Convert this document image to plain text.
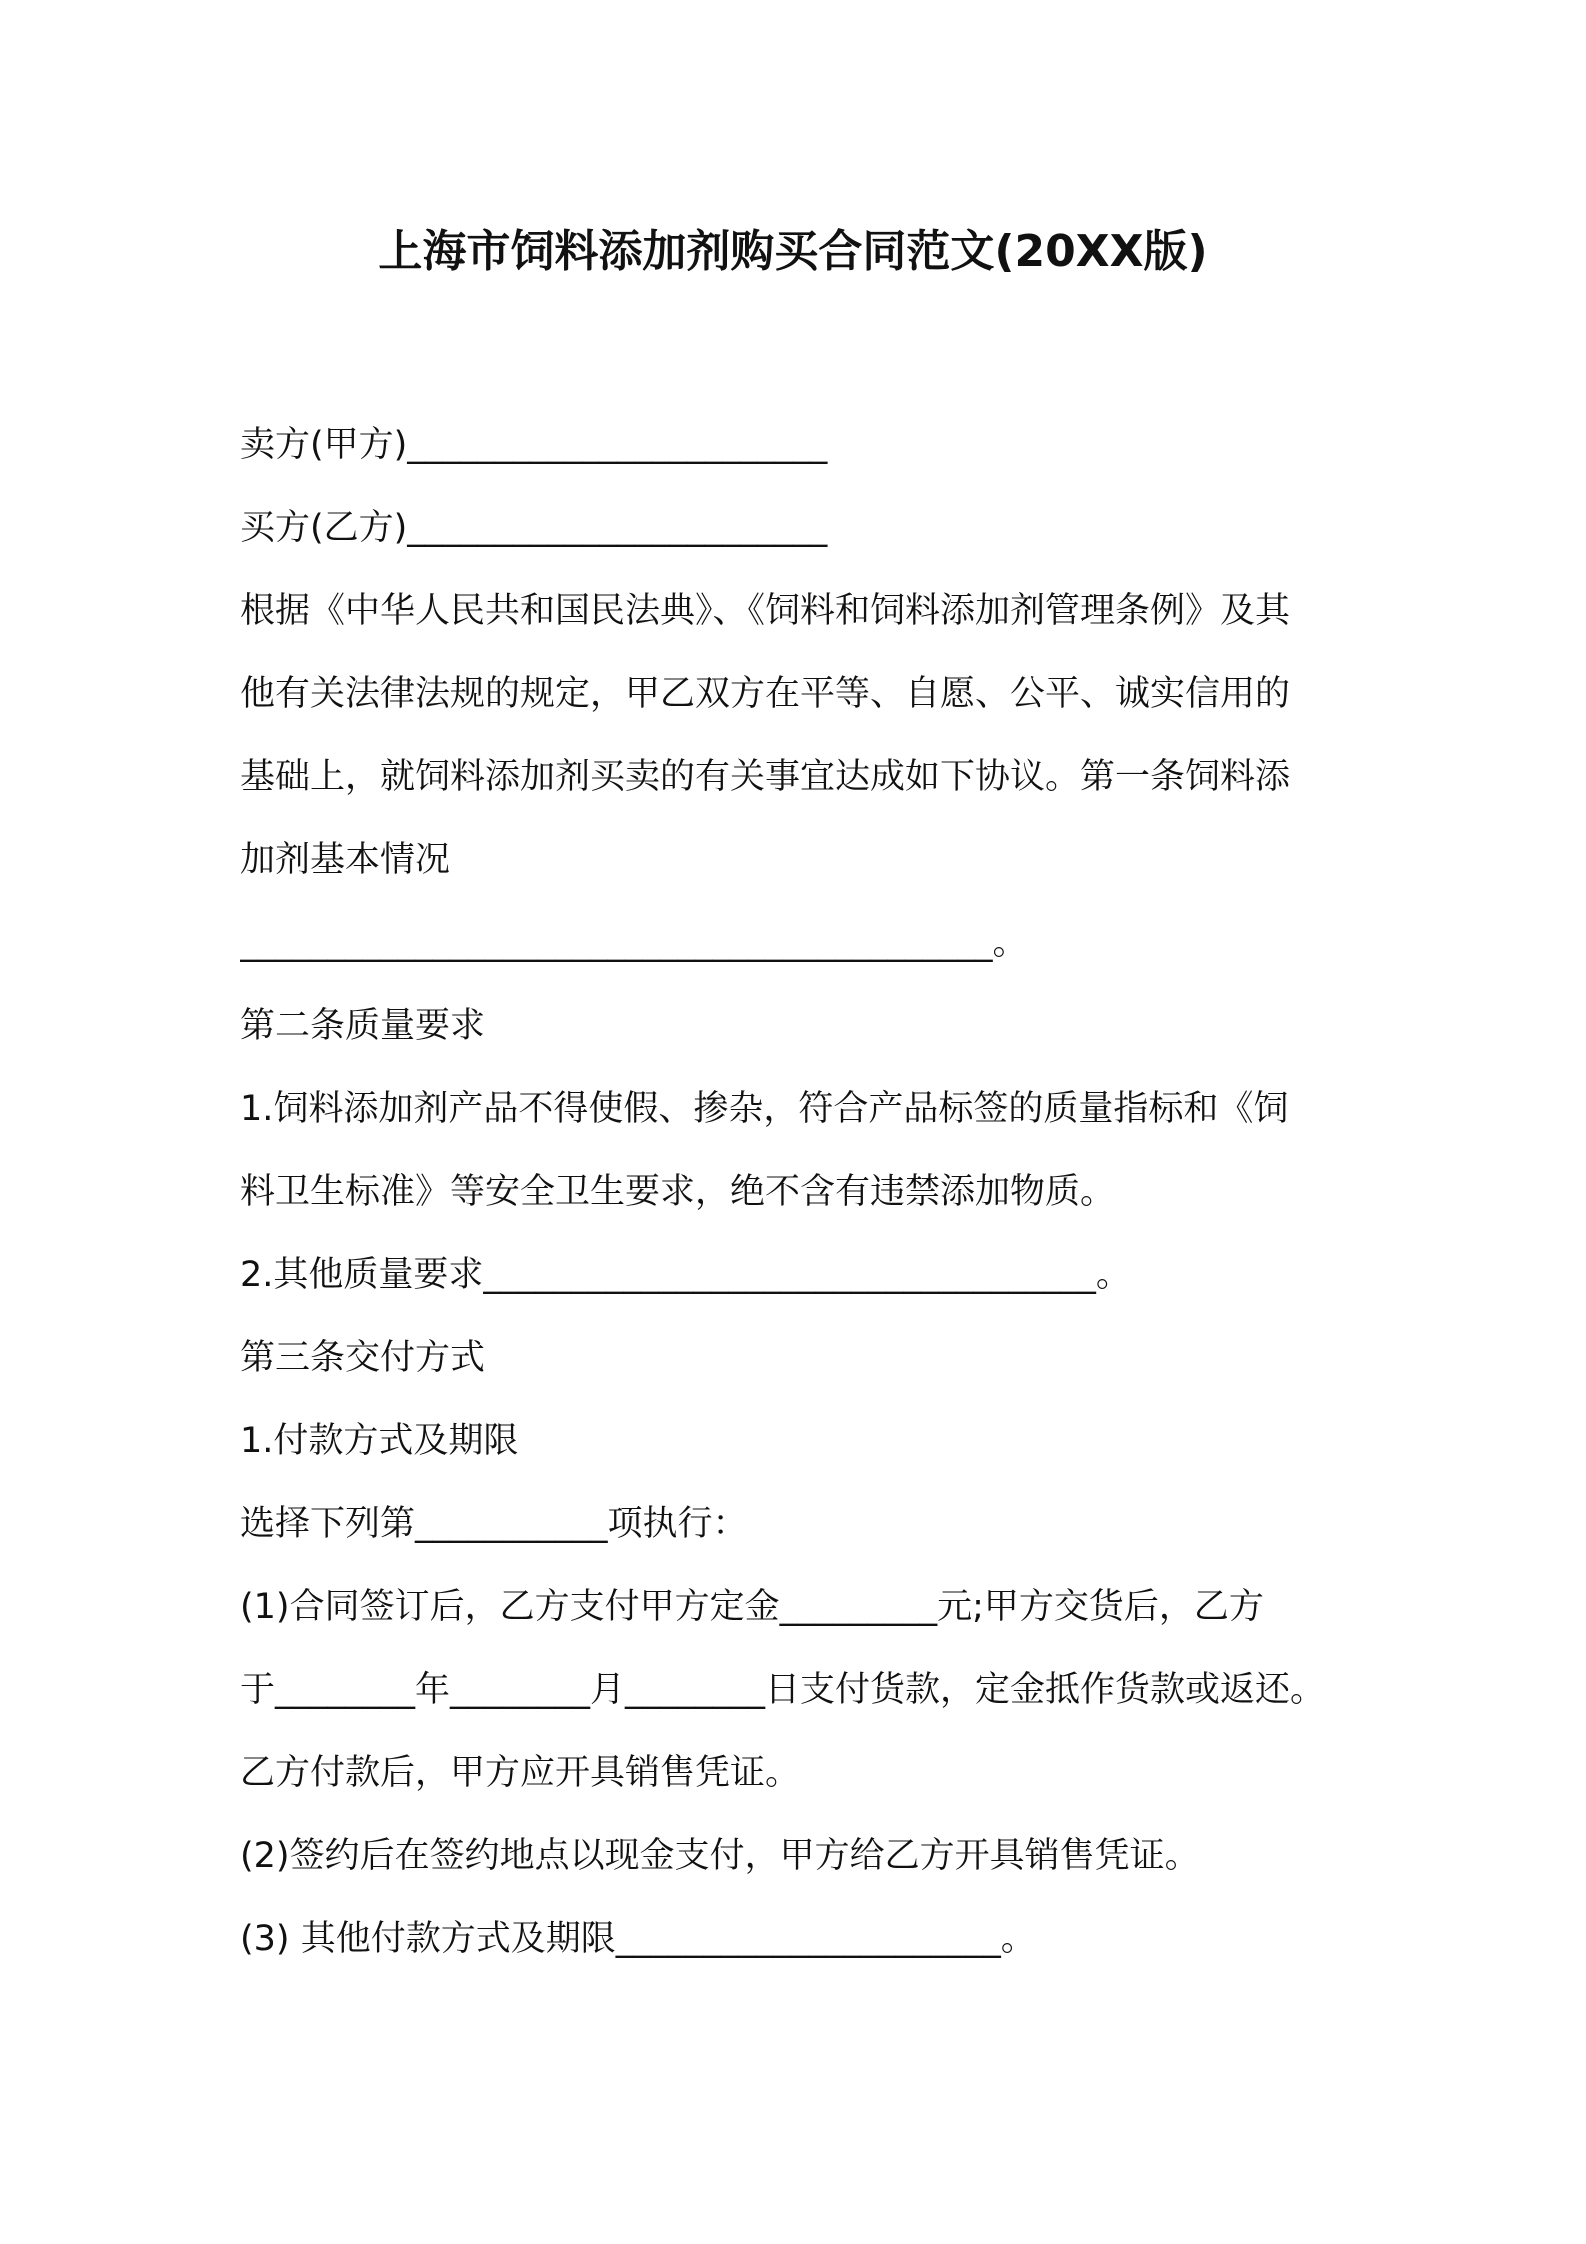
上海市饲料添加剂购买合同范文(20XX版)
卖方(甲方)________________________
买方(乙方)________________________
根据《中华人民共和国民法典》、《饲料和饲料添加剂管理条例》及其
他有关法律法规的规定，甲乙双方在平等、自愿、公平、诚实信用的
基础上，就饲料添加剂买卖的有关事宜达成如下协议。第一条饲料添
加剂基本情况
___________________________________________。
第二条质量要求
1.饲料添加剂产品不得使假、掺杂，符合产品标签的质量指标和《饲
料卫生标准》等安全卫生要求，绝不含有违禁添加物质。
2.其他质量要求___________________________________。
第三条交付方式
1.付款方式及期限
选择下列第___________项执行：
(1)合同签订后，乙方支付甲方定金_________元;甲方交货后，乙方
于________年________月________日支付货款，定金抵作货款或返还。
乙方付款后，甲方应开具销售凭证。
(2)签约后在签约地点以现金支付，甲方给乙方开具销售凭证。
(3) 其他付款方式及期限______________________。
